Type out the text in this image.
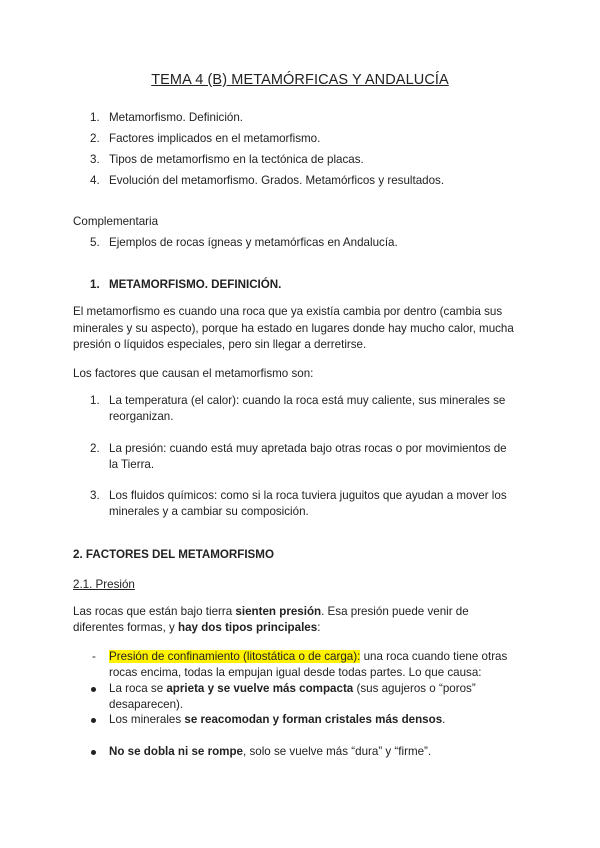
TEMA 4 (B) METAMÓRFICAS Y ANDALUCÍA
1. Metamorfismo. Definición.
2. Factores implicados en el metamorfismo.
3. Tipos de metamorfismo en la tectónica de placas.
4. Evolución del metamorfismo. Grados. Metamórficos y resultados.
Complementaria
5. Ejemplos de rocas ígneas y metamórficas en Andalucía.
1. METAMORFISMO. DEFINICIÓN.
El metamorfismo es cuando una roca que ya existía cambia por dentro (cambia sus minerales y su aspecto), porque ha estado en lugares donde hay mucho calor, mucha presión o líquidos especiales, pero sin llegar a derretirse.
Los factores que causan el metamorfismo son:
1. La temperatura (el calor): cuando la roca está muy caliente, sus minerales se
reorganizan.
2. La presión: cuando está muy apretada bajo otras rocas o por movimientos de
la Tierra.
3. Los fluidos químicos: como si la roca tuviera juguitos que ayudan a mover los
minerales y a cambiar su composición.
2. FACTORES DEL METAMORFISMO
2.1. Presión
Las rocas que están bajo tierra sienten presión. Esa presión puede venir de
diferentes formas, y hay dos tipos principales:
- Presión de confinamiento (litostática o de carga): una roca cuando tiene otras
rocas encima, todas la empujan igual desde todas partes. Lo que causa:
La roca se aprieta y se vuelve más compacta (sus agujeros o “poros”
desaparecen).
Los minerales se reacomodan y forman cristales más densos.
No se dobla ni se rompe, solo se vuelve más “dura” y “firme”.
